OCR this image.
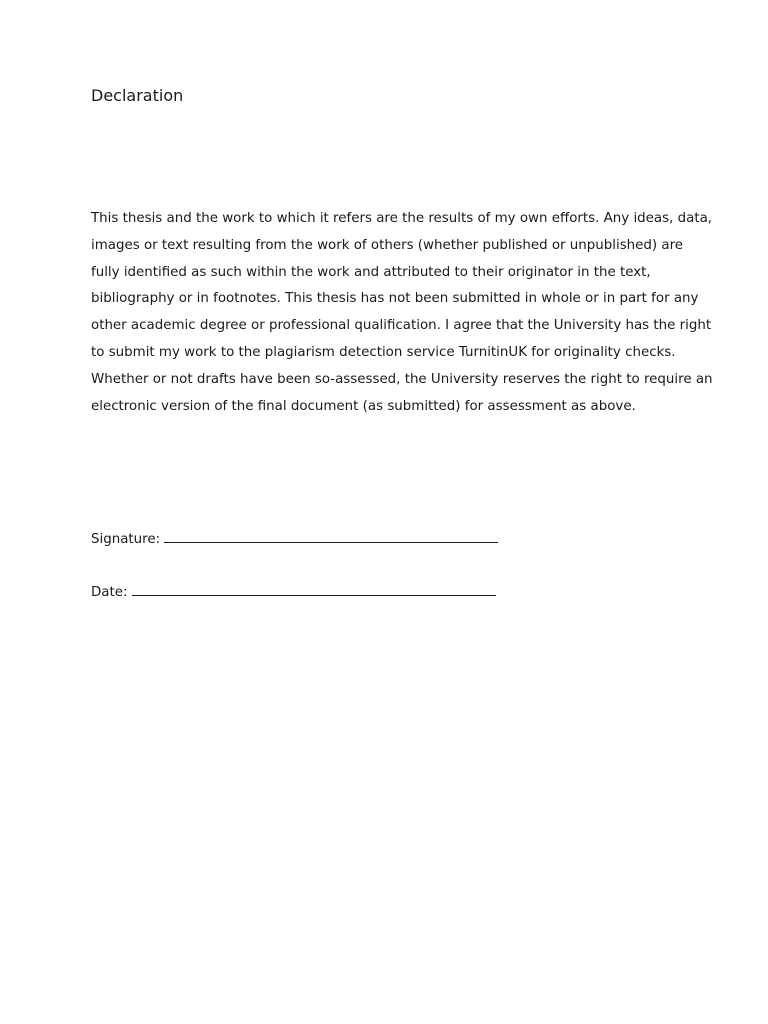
Declaration
This thesis and the work to which it refers are the results of my own efforts. Any ideas, data,
images or text resulting from the work of others (whether published or unpublished) are
fully identified as such within the work and attributed to their originator in the text,
bibliography or in footnotes. This thesis has not been submitted in whole or in part for any
other academic degree or professional qualification. I agree that the University has the right
to submit my work to the plagiarism detection service TurnitinUK for originality checks.
Whether or not drafts have been so-assessed, the University reserves the right to require an
electronic version of the final document (as submitted) for assessment as above.
Signature:
Date:
